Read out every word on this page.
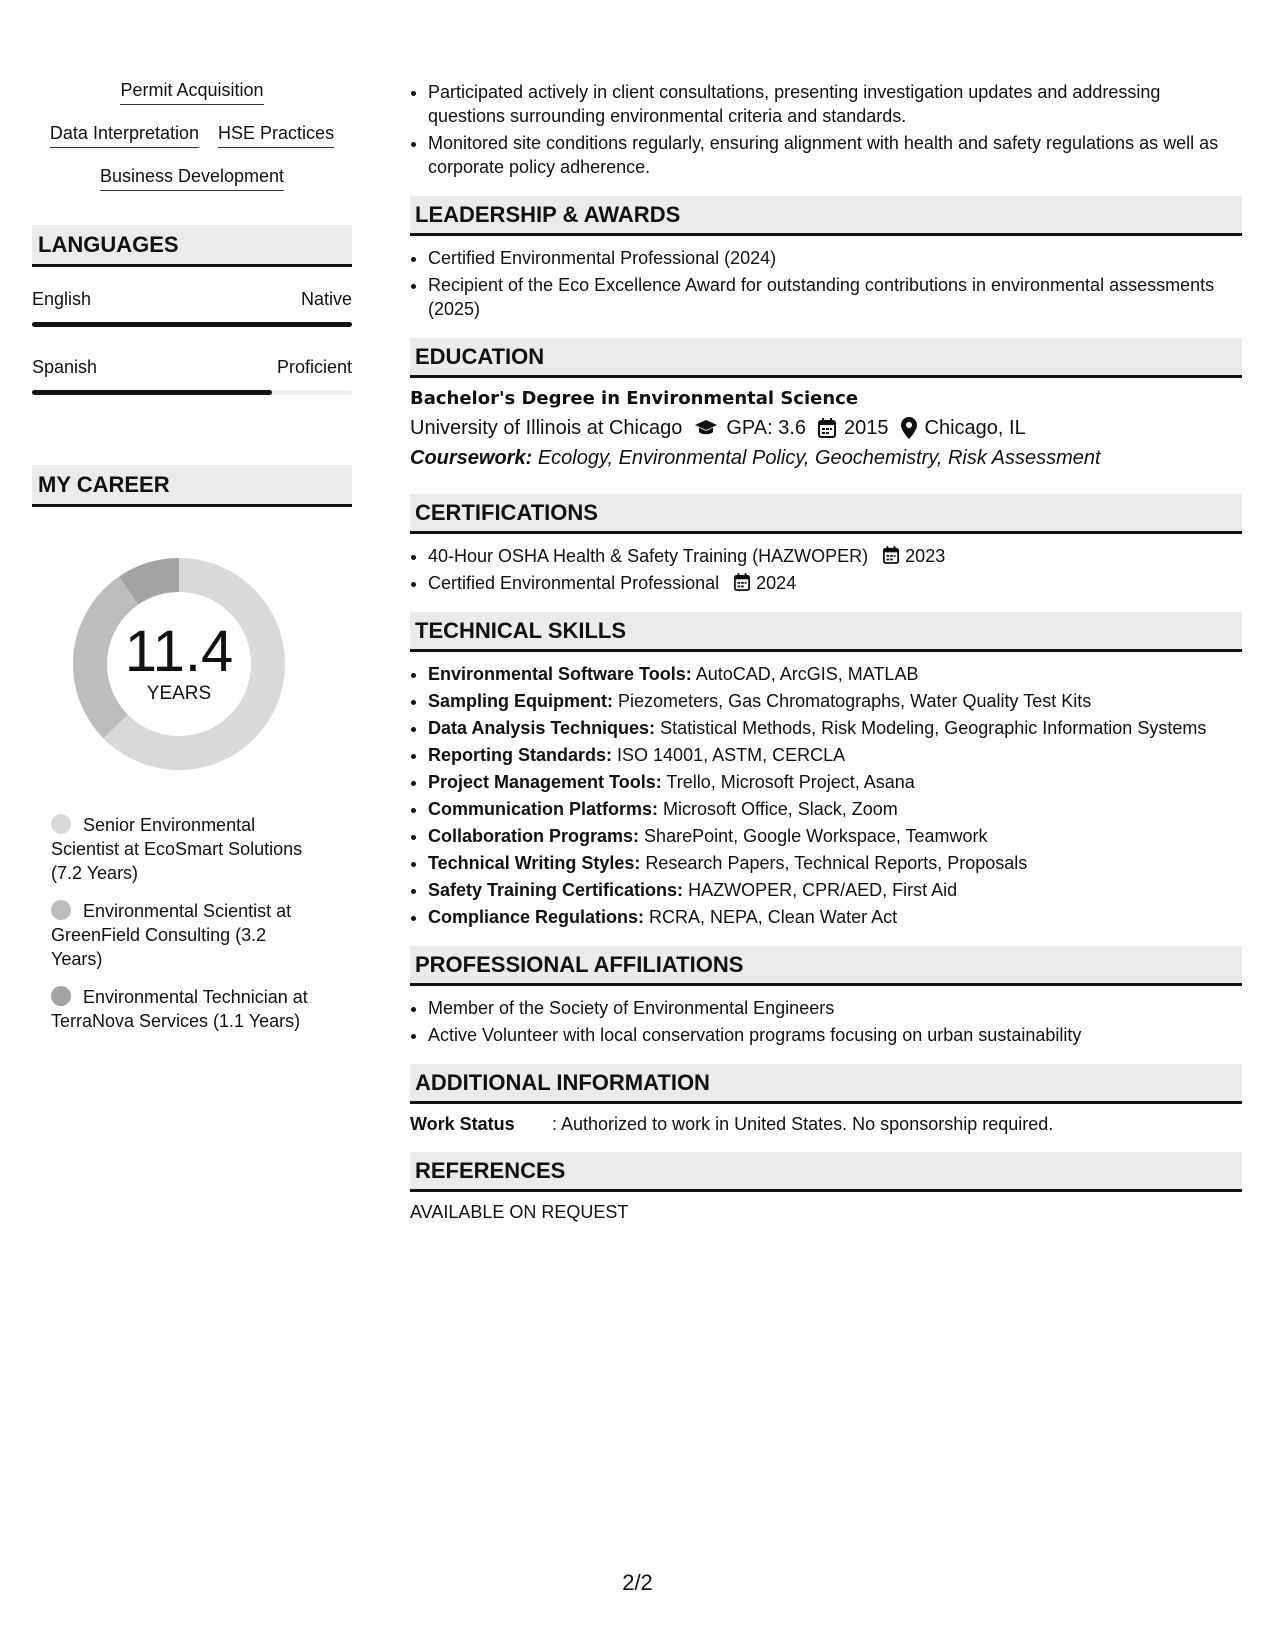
Permit Acquisition
Data Interpretation HSE Practices
Business Development
LANGUAGES
English	Native
Spanish	Proficient
MY CAREER
11.4
YEARS
Senior Environmental Scientist at EcoSmart Solutions (7.2 Years)
Environmental Scientist at GreenField Consulting (3.2 Years)
Environmental Technician at TerraNova Services (1.1 Years)
• Participated actively in client consultations, presenting investigation updates and addressing questions surrounding environmental criteria and standards.
• Monitored site conditions regularly, ensuring alignment with health and safety regulations as well as corporate policy adherence.
LEADERSHIP & AWARDS
• Certified Environmental Professional (2024)
• Recipient of the Eco Excellence Award for outstanding contributions in environmental assessments (2025)
EDUCATION
Bachelor's Degree in Environmental Science
University of Illinois at Chicago GPA: 3.6 2015 Chicago, IL
Coursework: Ecology, Environmental Policy, Geochemistry, Risk Assessment
CERTIFICATIONS
• 40-Hour OSHA Health & Safety Training (HAZWOPER) 2023
• Certified Environmental Professional 2024
TECHNICAL SKILLS
• Environmental Software Tools: AutoCAD, ArcGIS, MATLAB
• Sampling Equipment: Piezometers, Gas Chromatographs, Water Quality Test Kits
• Data Analysis Techniques: Statistical Methods, Risk Modeling, Geographic Information Systems
• Reporting Standards: ISO 14001, ASTM, CERCLA
• Project Management Tools: Trello, Microsoft Project, Asana
• Communication Platforms: Microsoft Office, Slack, Zoom
• Collaboration Programs: SharePoint, Google Workspace, Teamwork
• Technical Writing Styles: Research Papers, Technical Reports, Proposals
• Safety Training Certifications: HAZWOPER, CPR/AED, First Aid
• Compliance Regulations: RCRA, NEPA, Clean Water Act
PROFESSIONAL AFFILIATIONS
• Member of the Society of Environmental Engineers
• Active Volunteer with local conservation programs focusing on urban sustainability
ADDITIONAL INFORMATION
Work Status	: Authorized to work in United States. No sponsorship required.
REFERENCES
AVAILABLE ON REQUEST
2/2
